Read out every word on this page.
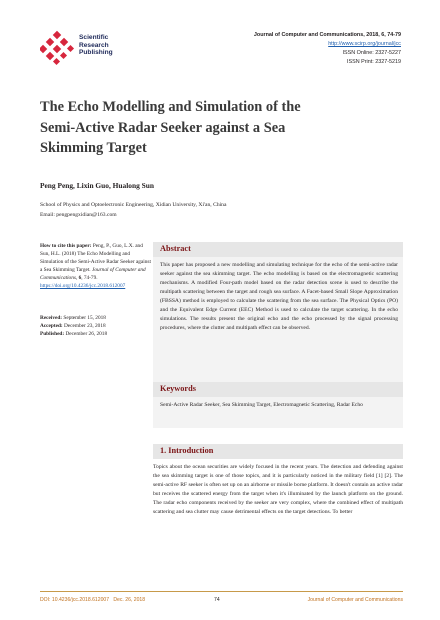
Scientific
Research
Publishing
Journal of Computer and Communications, 2018, 6, 74-79
http://www.scirp.org/journal/jcc
ISSN Online: 2327-5227
ISSN Print: 2327-5219
The Echo Modelling and Simulation of the
Semi-Active Radar Seeker against a Sea
Skimming Target
Peng Peng, Lixin Guo, Hualong Sun
School of Physics and Optoelectronic Engineering, Xidian University, Xi'an, China
Email: pengpengxidian@163.com
How to cite this paper: Peng, P., Guo, L.X. and Sun, H.L. (2018) The Echo Modelling and Simulation of the Semi-Active Radar Seeker against a Sea Skimming Target. Journal of Computer and Communications, 6, 74-79.
https://doi.org/10.4236/jcc.2018.612007
Received: September 15, 2018
Accepted: December 23, 2018
Published: December 26, 2018
Abstract
This paper has proposed a new modelling and simulating technique for the echo of the semi-active radar seeker against the sea skimming target. The echo modelling is based on the electromagnetic scattering mechanisms. A modified Four-path model based on the radar detection scene is used to describe the multipath scattering between the target and rough sea surface. A Facet-based Small Slope Approximation (FBSSA) method is employed to calculate the scattering from the sea surface. The Physical Optics (PO) and the Equivalent Edge Current (EEC) Method is used to calculate the target scattering. In the echo simulations. The results present the original echo and the echo processed by the signal processing procedures, where the clutter and multipath effect can be observed.
Keywords
Semi-Active Radar Seeker, Sea Skimming Target, Electromagnetic Scattering, Radar Echo
1. Introduction
Topics about the ocean securities are widely focused in the recent years. The detection and defending against the sea skimming target is one of those topics, and it is particularly noticed in the military field [1] [2]. The semi-active RF seeker is often set up on an airborne or missile borne platform. It doesn't contain an active radar but receives the scattered energy from the target when it's illuminated by the launch platform on the ground. The radar echo components received by the seeker are very complex, where the combined effect of multipath scattering and sea clutter may cause detrimental effects on the target detections. To better
DOI: 10.4236/jcc.2018.612007 Dec. 26, 2018	74	Journal of Computer and Communications
